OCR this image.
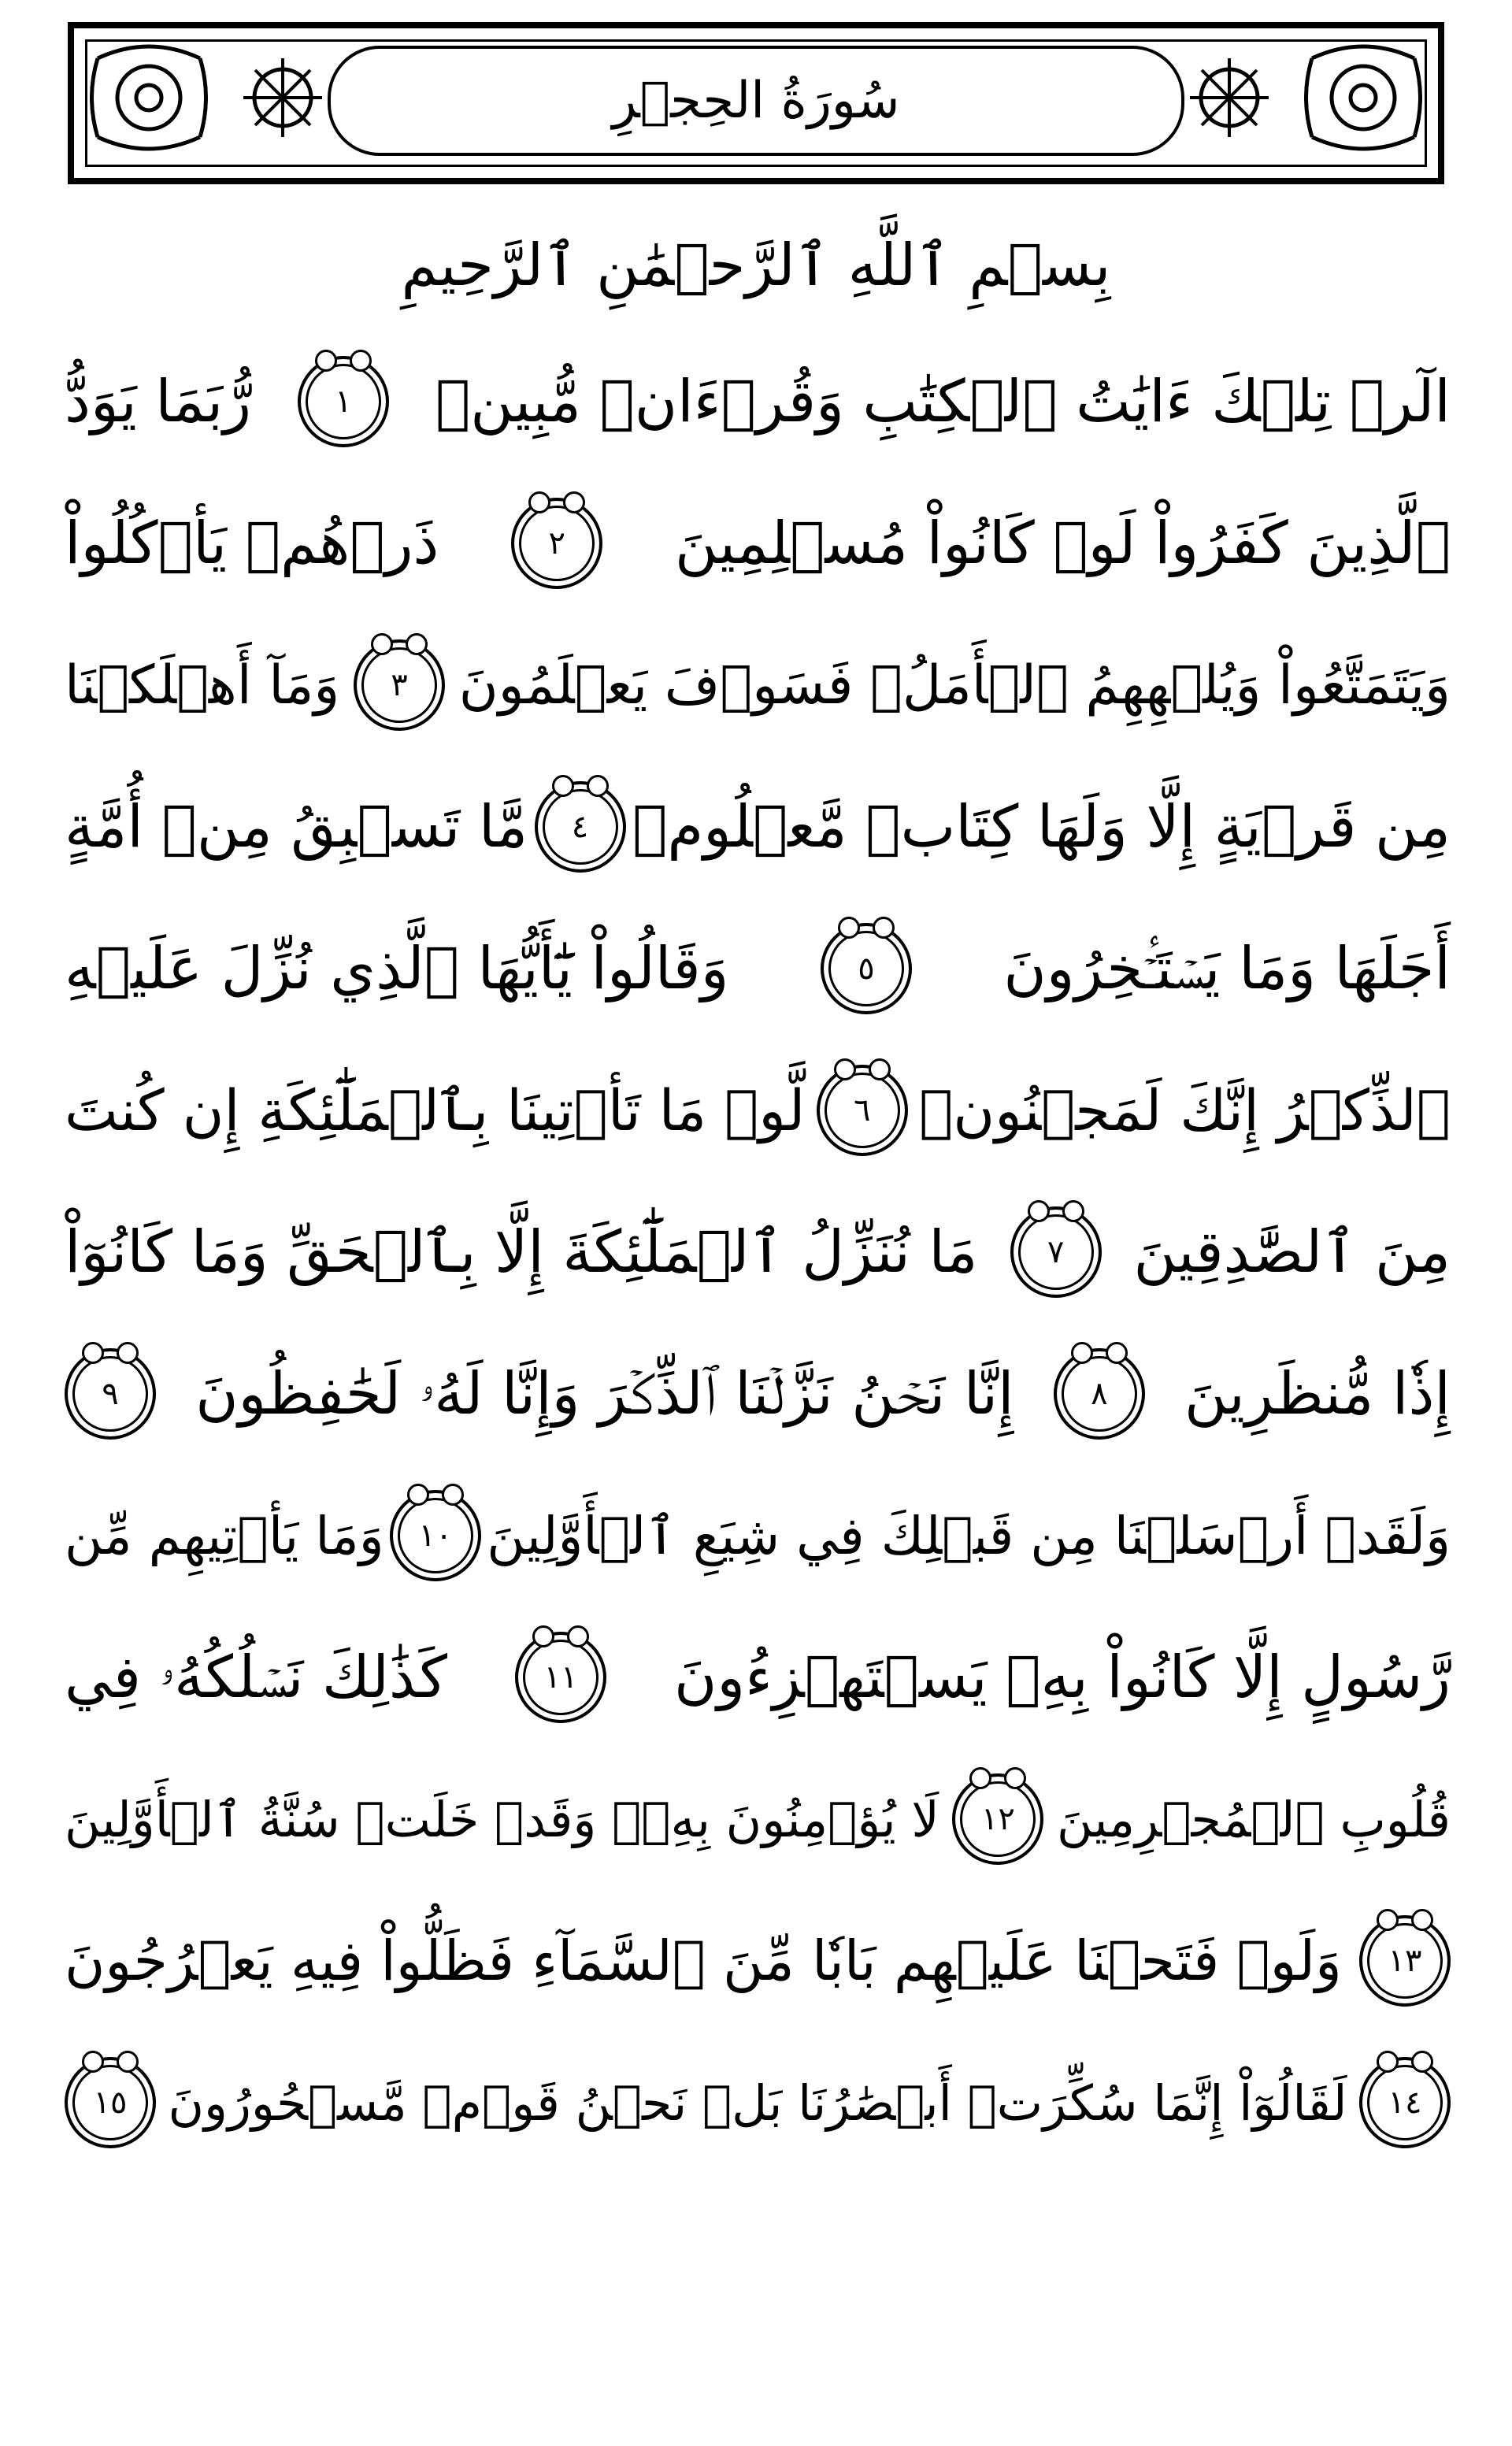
سُورَةُ الحِجۡرِ
بِسۡمِ ٱللَّهِ ٱلرَّحۡمَٰنِ ٱلرَّحِيمِ
الٓرۚ تِلۡكَ ءَايَٰتُ ٱلۡكِتَٰبِ وَقُرۡءَانٖ مُّبِينٖ
١
رُّبَمَا يَوَدُّ
ٱلَّذِينَ كَفَرُواْ لَوۡ كَانُواْ مُسۡلِمِينَ
٢
ذَرۡهُمۡ يَأۡكُلُواْ
وَيَتَمَتَّعُواْ وَيُلۡهِهِمُ ٱلۡأَمَلُۖ فَسَوۡفَ يَعۡلَمُونَ
٣
وَمَآ أَهۡلَكۡنَا
مِن قَرۡيَةٍ إِلَّا وَلَهَا كِتَابٞ مَّعۡلُومٞ
٤
مَّا تَسۡبِقُ مِنۡ أُمَّةٍ
أَجَلَهَا وَمَا يَسۡتَـٔۡخِرُونَ
٥
وَقَالُواْ يَٰٓأَيُّهَا ٱلَّذِي نُزِّلَ عَلَيۡهِ
ٱلذِّكۡرُ إِنَّكَ لَمَجۡنُونٞ
٦
لَّوۡ مَا تَأۡتِينَا بِٱلۡمَلَٰٓئِكَةِ إِن كُنتَ
مِنَ ٱلصَّٰدِقِينَ
٧
مَا نُنَزِّلُ ٱلۡمَلَٰٓئِكَةَ إِلَّا بِٱلۡحَقِّ وَمَا كَانُوٓاْ
إِذٗا مُّنظَرِينَ
٨
إِنَّا نَحۡنُ نَزَّلۡنَا ٱلذِّكۡرَ وَإِنَّا لَهُۥ لَحَٰفِظُونَ
٩
وَلَقَدۡ أَرۡسَلۡنَا مِن قَبۡلِكَ فِي شِيَعِ ٱلۡأَوَّلِينَ
١٠
وَمَا يَأۡتِيهِم مِّن
رَّسُولٍ إِلَّا كَانُواْ بِهِۦ يَسۡتَهۡزِءُونَ
١١
كَذَٰلِكَ نَسۡلُكُهُۥ فِي
قُلُوبِ ٱلۡمُجۡرِمِينَ
١٢
لَا يُؤۡمِنُونَ بِهِۦۖ وَقَدۡ خَلَتۡ سُنَّةُ ٱلۡأَوَّلِينَ
١٣
وَلَوۡ فَتَحۡنَا عَلَيۡهِم بَابٗا مِّنَ ٱلسَّمَآءِ فَظَلُّواْ فِيهِ يَعۡرُجُونَ
١٤
لَقَالُوٓاْ إِنَّمَا سُكِّرَتۡ أَبۡصَٰرُنَا بَلۡ نَحۡنُ قَوۡمٞ مَّسۡحُورُونَ
١٥
